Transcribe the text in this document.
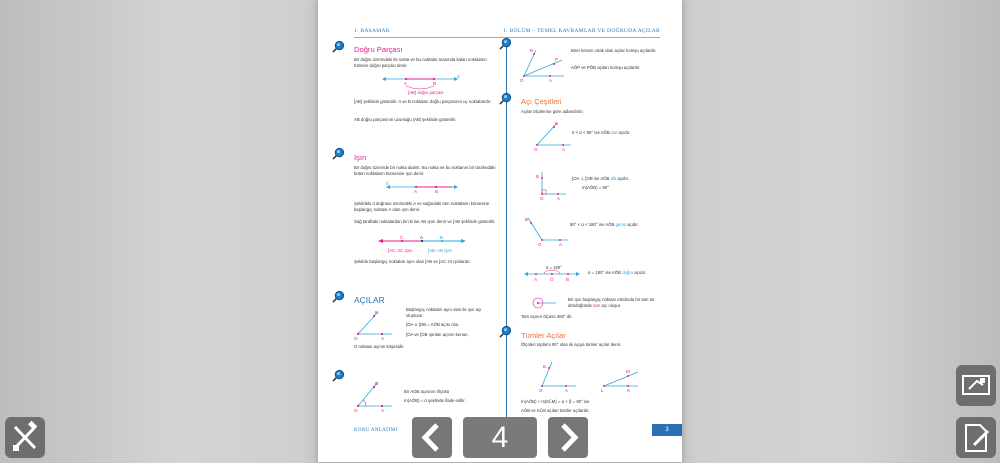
1. BASAMAK	1. BÖLÜM – TEMEL KAVRAMLAR VE DOĞRUDA AÇILAR
Doğru Parçası
Bir doğru üzerindeki iki nokta ve bu noktalar arasında kalan noktaların tümüne doğru parçası denir.
A	B
d
[AB] doğru parçası
[AB] şeklinde gösterilir. A ve B noktaları doğru parçasının uç noktalarıdır.
AB doğru parçasının uzunluğu |AB| şeklinde gösterilir.
Işın
Bir doğru üzerinde bir nokta alalım. Bu nokta ve bu noktanın bir tarafındaki bütün noktaların kümesine ışın denir.
A	B
d
Şekildeki d doğrusu üzerindeki A ve sağındaki tüm noktaların kümesine başlangıç noktası A olan ışın denir.
Sağ taraftaki noktalardan biri B ise AB ışını denir ve [AB şeklinde gösterilir.
C	A	B
[AC: AC ışını	[AB: AB ışını
Şekilde başlangıç noktaları aynı olan [AB ve [AC zıt ışınlardır.
AÇILAR
O	A
B
Başlangıç noktaları aynı olan iki ışın açı oluşturur.
[OA ∪ [OB = AÔB açısı olur.
[OA ve [OB ışınları açının kenarı,
O noktası açının köşesidir.
O	A
B
Bir AOB açısının ölçüsü
m(AÔB) = α şeklinde ifade edilir.
B
P
O	A
Birer kenarı ortak olan açılar komşu açılardır.
AÔP ve PÔB açıları komşu açılardır.
Açı Çeşitleri
Açılar ölçülerine göre adlandırılır.
O	A
B
0 < α < 90° ise AÔB dar açıdır.
O	A
B	[OA ⊥ [OB ise AÔB dik açıdır.
m(AÔB) = 90°
O	A
B
90° < α < 180° ise AÔB geniş açıdır.
α = 180°
A	O	B
α = 180° ise AÔB doğru açıdır.
Bir ışın başlangıç noktası etrafında bir tam tur döndüğünde tam açı oluşur.
Tam açının ölçüsü 360° dir.
Tümler Açılar
Ölçüleri toplamı 90° olan iki açıya tümler açılar denir.
B
O	A
M
L	K
m(AÔB) + m(KL̂M) = α + β = 90° ise
AÔB ve KL̂M açıları tümler açılardır.
KONU ANLATIMI	3
4
